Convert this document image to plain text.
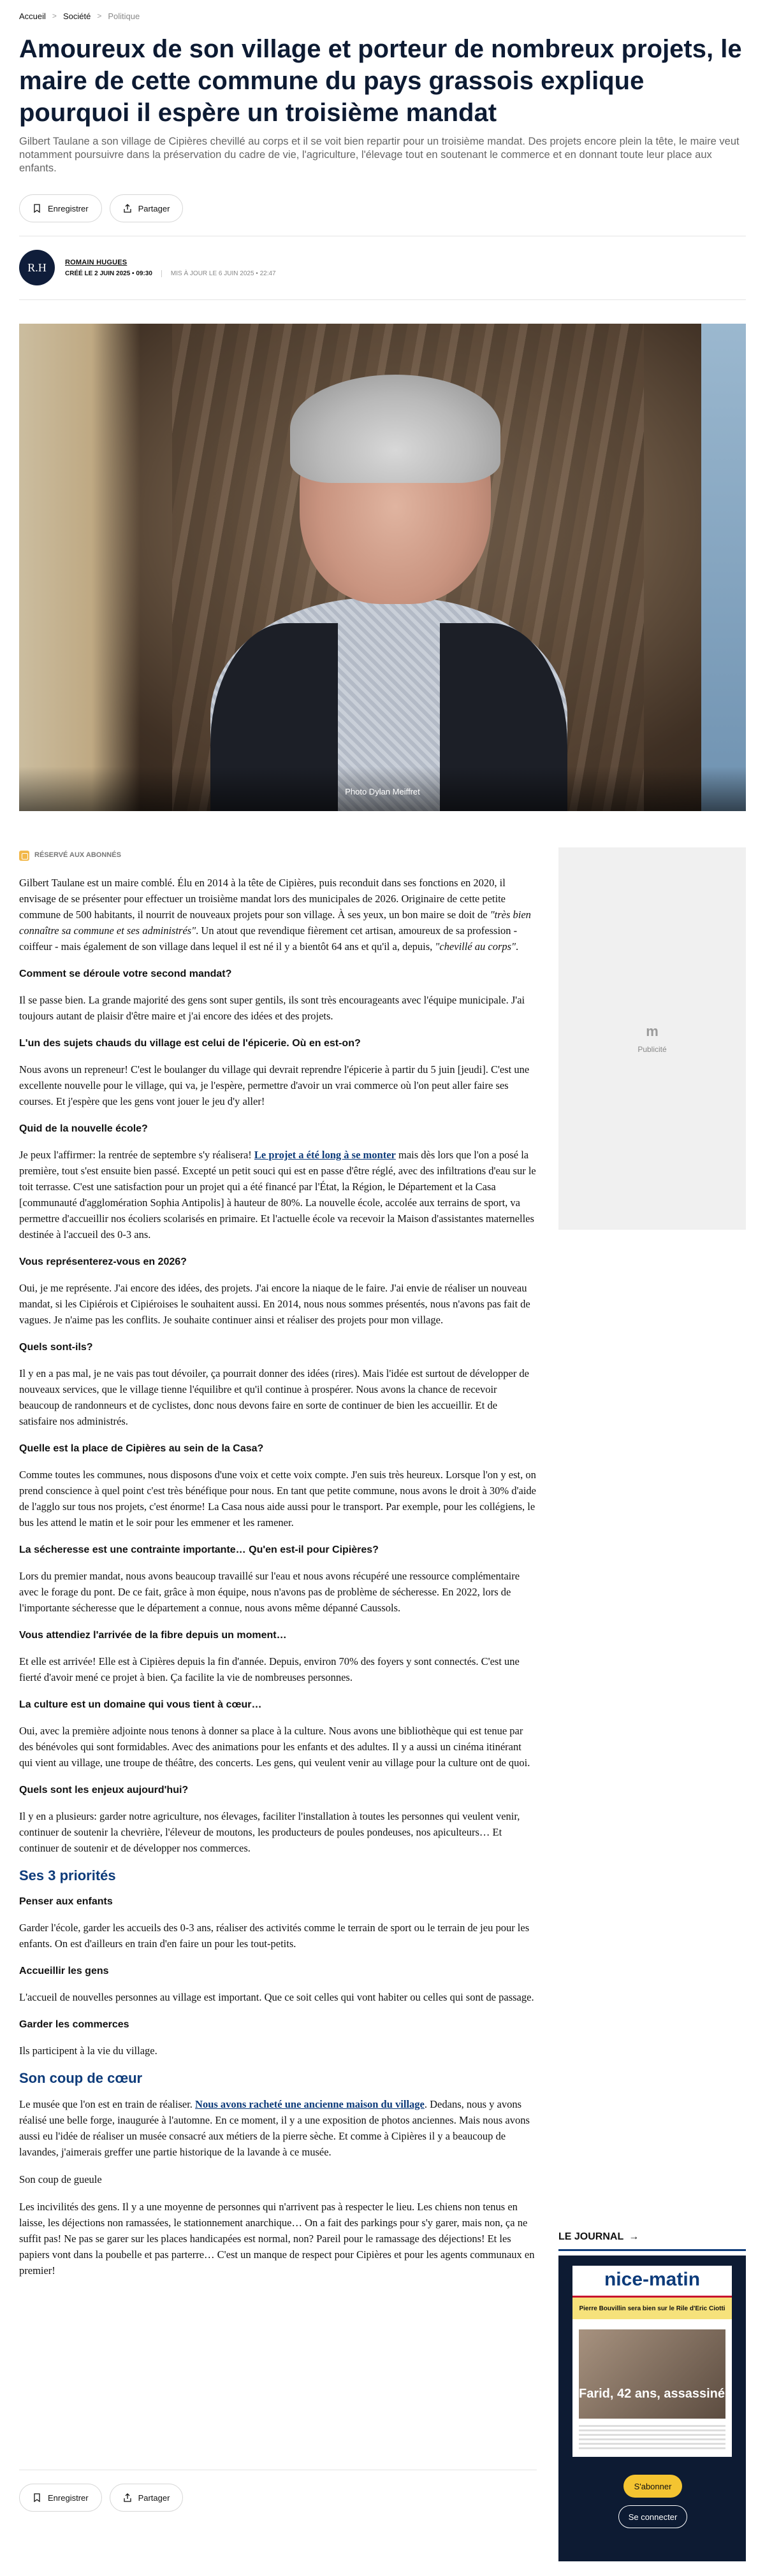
Accueil > Société > Politique
Amoureux de son village et porteur de nombreux projets, le maire de cette commune du pays grassois explique pourquoi il espère un troisième mandat

Gilbert Taulane a son village de Cipières chevillé au corps et il se voit bien repartir pour un troisième mandat. Des projets encore plein la tête, le maire veut notamment poursuivre dans la préservation du cadre de vie, l'agriculture, l'élevage tout en soutenant le commerce et en donnant toute leur place aux enfants.

Enregistrer	Partager
R.H	ROMAIN HUGUES
CRÉÉ LE 2 JUIN 2025 • 09:30	MIS À JOUR LE 6 JUIN 2025 • 22:47
Photo Dylan Meiffret
RÉSERVÉ AUX ABONNÉS

Gilbert Taulane est un maire comblé. Élu en 2014 à la tête de Cipières, puis reconduit dans ses fonctions en 2020, il envisage de se présenter pour effectuer un troisième mandat lors des municipales de 2026. Originaire de cette petite commune de 500 habitants, il nourrit de nouveaux projets pour son village. À ses yeux, un bon maire se doit de "très bien connaître sa commune et ses administrés". Un atout que revendique fièrement cet artisan, amoureux de sa profession - coiffeur - mais également de son village dans lequel il est né il y a bientôt 64 ans et qu'il a, depuis, "chevillé au corps".

Comment se déroule votre second mandat?

Il se passe bien. La grande majorité des gens sont super gentils, ils sont très encourageants avec l'équipe municipale. J'ai toujours autant de plaisir d'être maire et j'ai encore des idées et des projets.

L'un des sujets chauds du village est celui de l'épicerie. Où en est-on?

Nous avons un repreneur! C'est le boulanger du village qui devrait reprendre l'épicerie à partir du 5 juin [jeudi]. C'est une excellente nouvelle pour le village, qui va, je l'espère, permettre d'avoir un vrai commerce où l'on peut aller faire ses courses. Et j'espère que les gens vont jouer le jeu d'y aller!

Quid de la nouvelle école?

Je peux l'affirmer: la rentrée de septembre s'y réalisera! Le projet a été long à se monter mais dès lors que l'on a posé la première, tout s'est ensuite bien passé. Excepté un petit souci qui est en passe d'être réglé, avec des infiltrations d'eau sur le toit terrasse. C'est une satisfaction pour un projet qui a été financé par l'État, la Région, le Département et la Casa [communauté d'agglomération Sophia Antipolis] à hauteur de 80%. La nouvelle école, accolée aux terrains de sport, va permettre d'accueillir nos écoliers scolarisés en primaire. Et l'actuelle école va recevoir la Maison d'assistantes maternelles destinée à l'accueil des 0-3 ans.

Vous représenterez-vous en 2026?

Oui, je me représente. J'ai encore des idées, des projets. J'ai encore la niaque de le faire. J'ai envie de réaliser un nouveau mandat, si les Cipiérois et Cipiéroises le souhaitent aussi. En 2014, nous nous sommes présentés, nous n'avons pas fait de vagues. Je n'aime pas les conflits. Je souhaite continuer ainsi et réaliser des projets pour mon village.

Quels sont-ils?

Il y en a pas mal, je ne vais pas tout dévoiler, ça pourrait donner des idées (rires). Mais l'idée est surtout de développer de nouveaux services, que le village tienne l'équilibre et qu'il continue à prospérer. Nous avons la chance de recevoir beaucoup de randonneurs et de cyclistes, donc nous devons faire en sorte de continuer de bien les accueillir. Et de satisfaire nos administrés.

Quelle est la place de Cipières au sein de la Casa?

Comme toutes les communes, nous disposons d'une voix et cette voix compte. J'en suis très heureux. Lorsque l'on y est, on prend conscience à quel point c'est très bénéfique pour nous. En tant que petite commune, nous avons le droit à 30% d'aide de l'agglo sur tous nos projets, c'est énorme! La Casa nous aide aussi pour le transport. Par exemple, pour les collégiens, le bus les attend le matin et le soir pour les emmener et les ramener.

La sécheresse est une contrainte importante… Qu'en est-il pour Cipières?

Lors du premier mandat, nous avons beaucoup travaillé sur l'eau et nous avons récupéré une ressource complémentaire avec le forage du pont. De ce fait, grâce à mon équipe, nous n'avons pas de problème de sécheresse. En 2022, lors de l'importante sécheresse que le département a connue, nous avons même dépanné Caussols.

Vous attendiez l'arrivée de la fibre depuis un moment…

Et elle est arrivée! Elle est à Cipières depuis la fin d'année. Depuis, environ 70% des foyers y sont connectés. C'est une fierté d'avoir mené ce projet à bien. Ça facilite la vie de nombreuses personnes.

La culture est un domaine qui vous tient à cœur…

Oui, avec la première adjointe nous tenons à donner sa place à la culture. Nous avons une bibliothèque qui est tenue par des bénévoles qui sont formidables. Avec des animations pour les enfants et des adultes. Il y a aussi un cinéma itinérant qui vient au village, une troupe de théâtre, des concerts. Les gens, qui veulent venir au village pour la culture ont de quoi.

Quels sont les enjeux aujourd'hui?

Il y en a plusieurs: garder notre agriculture, nos élevages, faciliter l'installation à toutes les personnes qui veulent venir, continuer de soutenir la chevrière, l'éleveur de moutons, les producteurs de poules pondeuses, nos apiculteurs… Et continuer de soutenir et de développer nos commerces.

Ses 3 priorités
Penser aux enfants

Garder l'école, garder les accueils des 0-3 ans, réaliser des activités comme le terrain de sport ou le terrain de jeu pour les enfants. On est d'ailleurs en train d'en faire un pour les tout-petits.

Accueillir les gens

L'accueil de nouvelles personnes au village est important. Que ce soit celles qui vont habiter ou celles qui sont de passage.

Garder les commerces

Ils participent à la vie du village.

Son coup de cœur

Le musée que l'on est en train de réaliser. Nous avons racheté une ancienne maison du village. Dedans, nous y avons réalisé une belle forge, inaugurée à l'automne. En ce moment, il y a une exposition de photos anciennes. Mais nous avons aussi eu l'idée de réaliser un musée consacré aux métiers de la pierre sèche. Et comme à Cipières il y a beaucoup de lavandes, j'aimerais greffer une partie historique de la lavande à ce musée.

Son coup de gueule

Les incivilités des gens. Il y a une moyenne de personnes qui n'arrivent pas à respecter le lieu. Les chiens non tenus en laisse, les déjections non ramassées, le stationnement anarchique… On a fait des parkings pour s'y garer, mais non, ça ne suffit pas! Ne pas se garer sur les places handicapées est normal, non? Pareil pour le ramassage des déjections! Et les papiers vont dans la poubelle et pas parterre… C'est un manque de respect pour Cipières et pour les agents communaux en premier!

Enregistrer	Partager
m
Publicité
LE JOURNAL →
nice-matin
Pierre Bouvillin sera bien sur le Rile d'Eric Ciotti
Farid, 42 ans, assassiné
S'abonner
Se connecter
